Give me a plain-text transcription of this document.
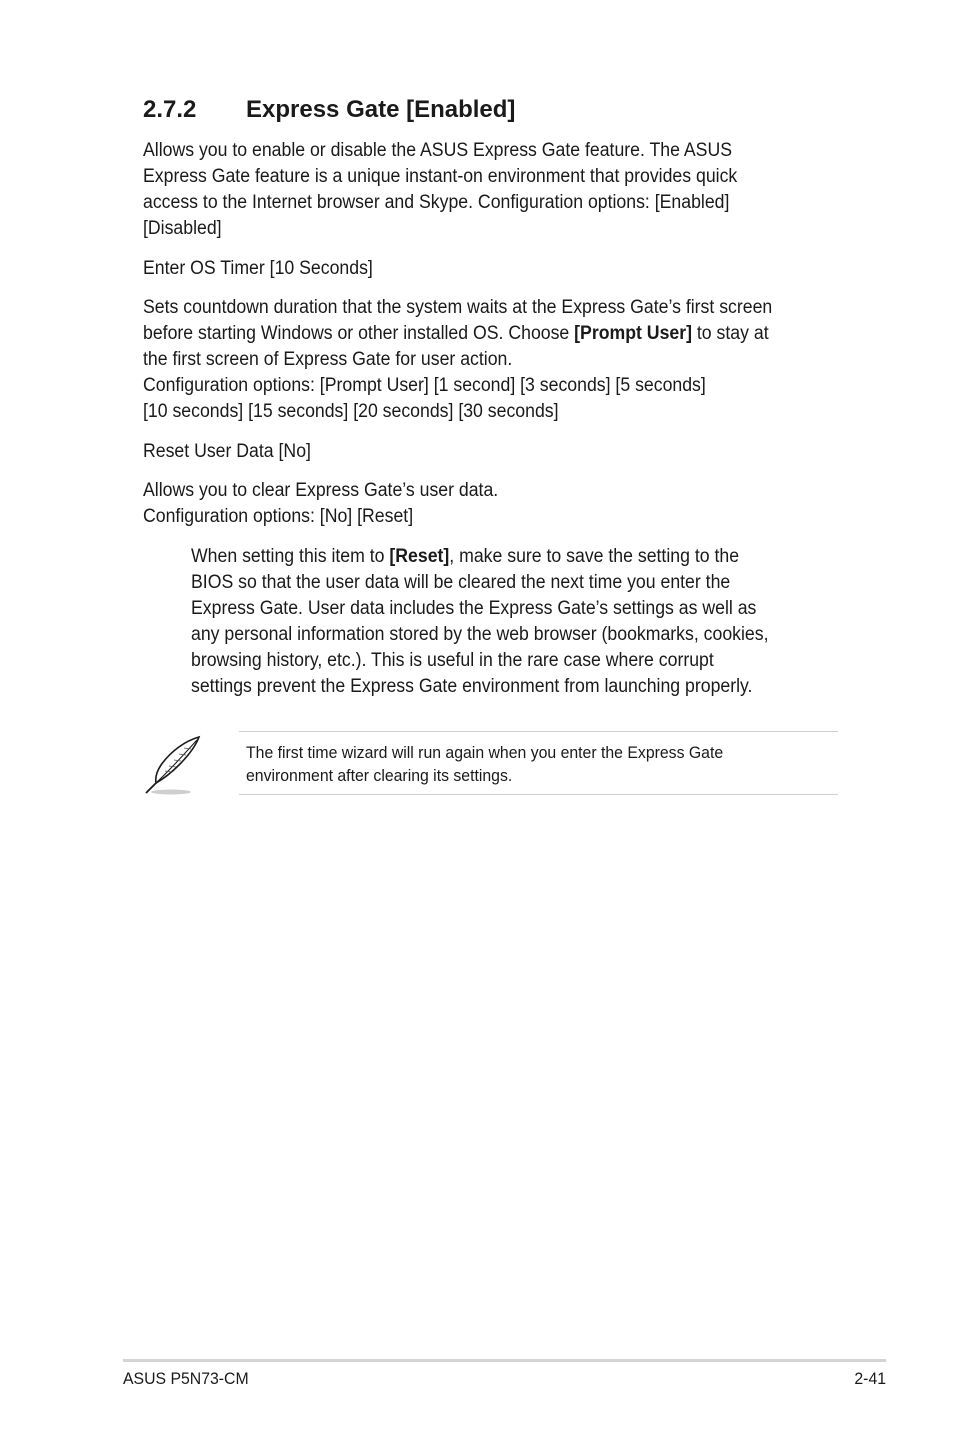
2.7.2 Express Gate [Enabled]

Allows you to enable or disable the ASUS Express Gate feature. The ASUS

Express Gate feature is a unique instant-on environment that provides quick

access to the Internet browser and Skype. Configuration options: [Enabled]

[Disabled]

Enter OS Timer [10 Seconds]

Sets countdown duration that the system waits at the Express Gate’s first screen

before starting Windows or other installed OS. Choose [Prompt User] to stay at

the first screen of Express Gate for user action.

Configuration options: [Prompt User] [1 second] [3 seconds] [5 seconds]

[10 seconds] [15 seconds] [20 seconds] [30 seconds]

Reset User Data [No]

Allows you to clear Express Gate’s user data.

Configuration options: [No] [Reset]

When setting this item to [Reset], make sure to save the setting to the

BIOS so that the user data will be cleared the next time you enter the

Express Gate. User data includes the Express Gate’s settings as well as

any personal information stored by the web browser (bookmarks, cookies,

browsing history, etc.). This is useful in the rare case where corrupt

settings prevent the Express Gate environment from launching properly.

The first time wizard will run again when you enter the Express Gate

environment after clearing its settings.

ASUS P5N73-CM	2-41
